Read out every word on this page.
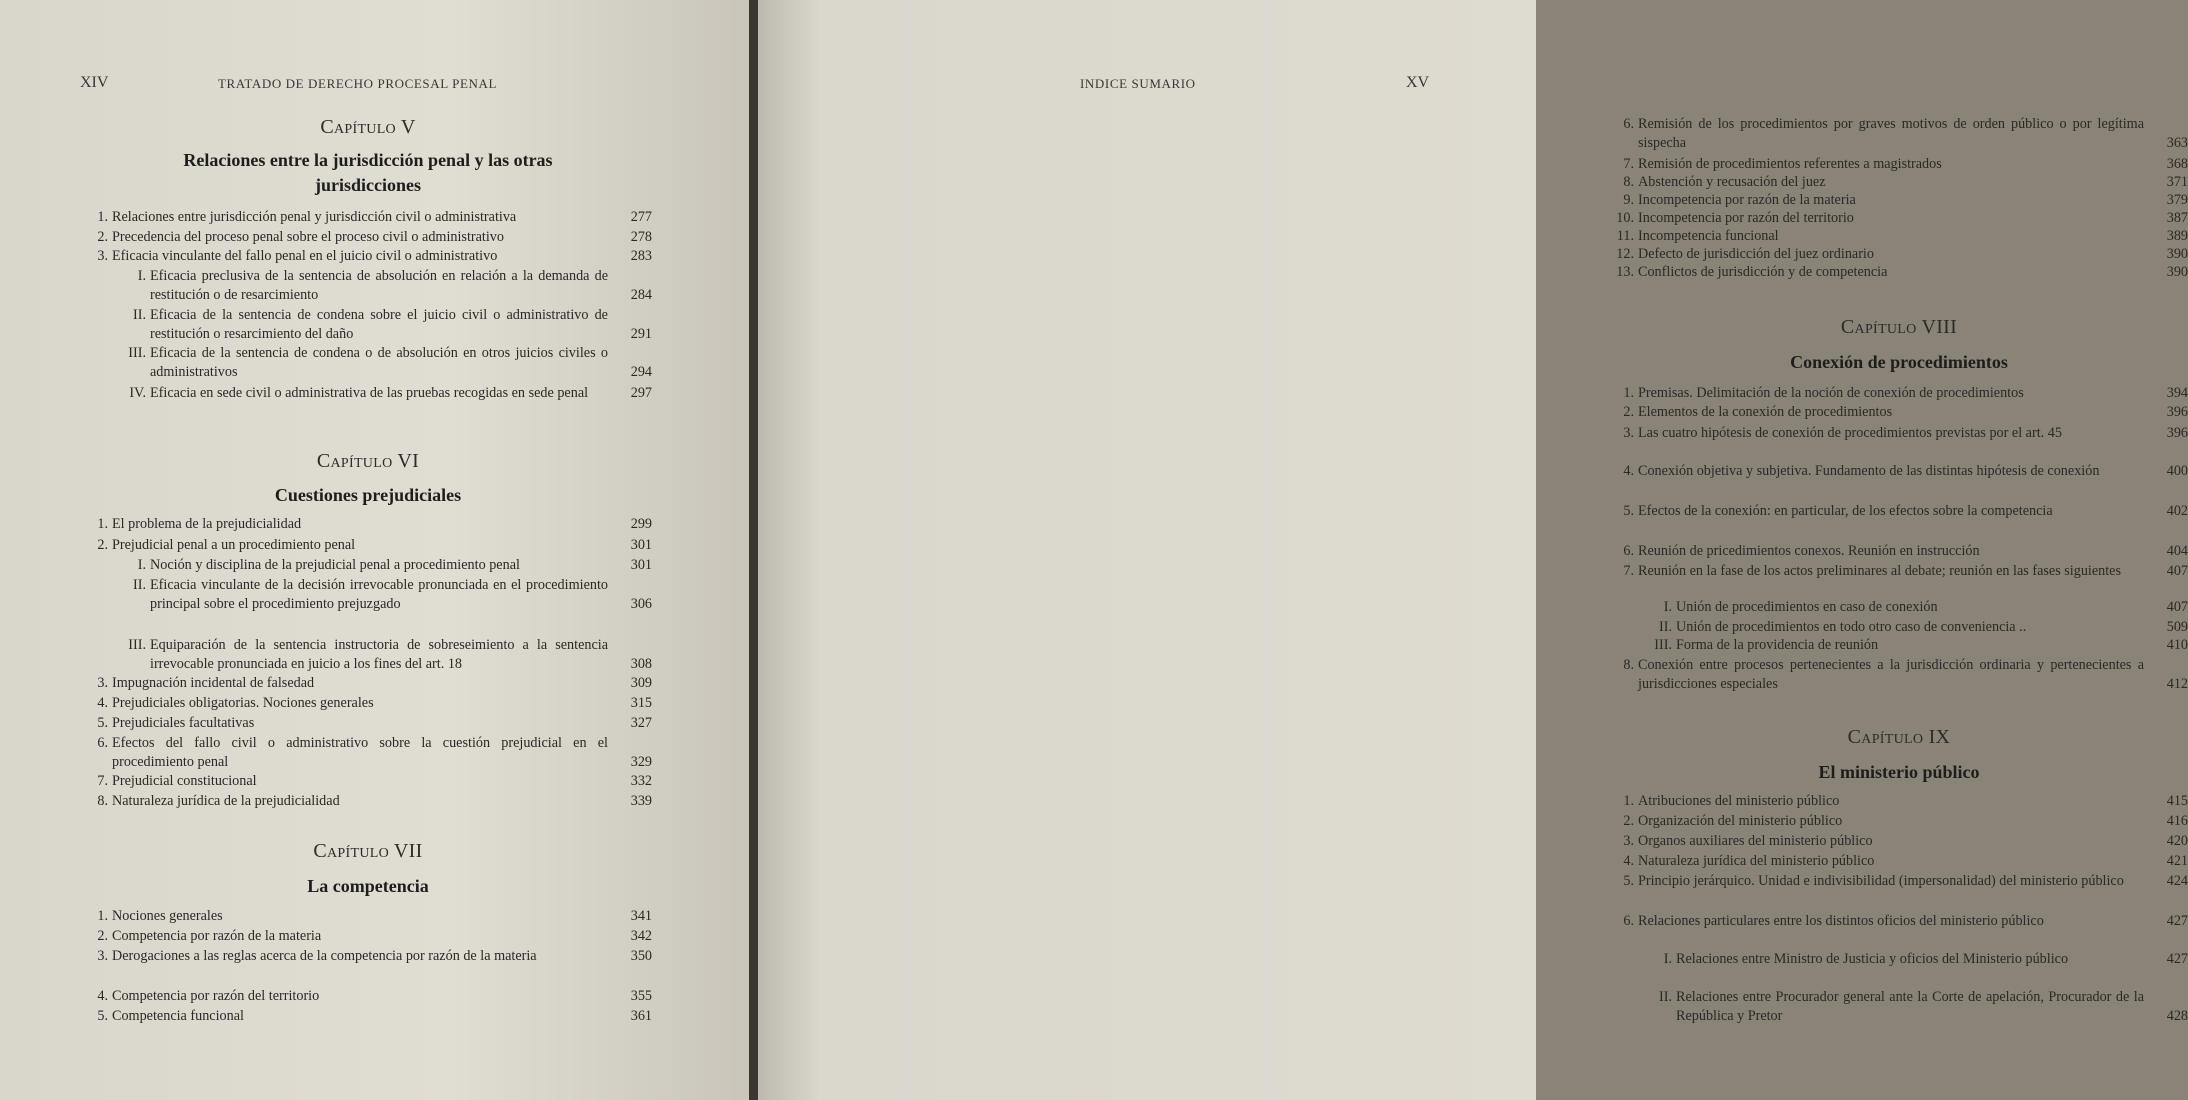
XIV	TRATADO DE DERECHO PROCESAL PENAL
Capítulo V
Relaciones entre la jurisdicción penal y las otras jurisdicciones
1. Relaciones entre jurisdicción penal y jurisdicción civil o administrativa	277
2. Precedencia del proceso penal sobre el proceso civil o administrativo	278
3. Eficacia vinculante del fallo penal en el juicio civil o administrativo	283
I. Eficacia preclusiva de la sentencia de absolución en relación a la demanda de restitución o de resarcimiento	284
II. Eficacia de la sentencia de condena sobre el juicio civil o administrativo de restitución o resarcimiento del daño	291
III. Eficacia de la sentencia de condena o de absolución en otros juicios civiles o administrativos	294
IV. Eficacia en sede civil o administrativa de las pruebas recogidas en sede penal	297
Capítulo VI
Cuestiones prejudiciales
1. El problema de la prejudicialidad	299
2. Prejudicial penal a un procedimiento penal	301
I. Noción y disciplina de la prejudicial penal a procedimiento penal	301
II. Eficacia vinculante de la decisión irrevocable pronunciada en el procedimiento principal sobre el procedimiento prejuzgado	306
III. Equiparación de la sentencia instructoria de sobreseimiento a la sentencia irrevocable pronunciada en juicio a los fines del art. 18	308
3. Impugnación incidental de falsedad	309
4. Prejudiciales obligatorias. Nociones generales	315
5. Prejudiciales facultativas	327
6. Efectos del fallo civil o administrativo sobre la cuestión prejudicial en el procedimiento penal	329
7. Prejudicial constitucional	332
8. Naturaleza jurídica de la prejudicialidad	339
Capítulo VII
La competencia
1. Nociones generales	341
2. Competencia por razón de la materia	342
3. Derogaciones a las reglas acerca de la competencia por razón de la materia	350
4. Competencia por razón del territorio	355
5. Competencia funcional	361
INDICE SUMARIO	XV
6. Remisión de los procedimientos por graves motivos de orden público o por legítima sispecha	363
7. Remisión de procedimientos referentes a magistrados	368
8. Abstención y recusación del juez	371
9. Incompetencia por razón de la materia	379
10. Incompetencia por razón del territorio	387
11. Incompetencia funcional	389
12. Defecto de jurisdicción del juez ordinario	390
13. Conflictos de jurisdicción y de competencia	390
Capítulo VIII
Conexión de procedimientos
1. Premisas. Delimitación de la noción de conexión de procedimientos	394
2. Elementos de la conexión de procedimientos	396
3. Las cuatro hipótesis de conexión de procedimientos previstas por el art. 45	396
4. Conexión objetiva y subjetiva. Fundamento de las distintas hipótesis de conexión	400
5. Efectos de la conexión: en particular, de los efectos sobre la competencia	402
6. Reunión de pricedimientos conexos. Reunión en instrucción	404
7. Reunión en la fase de los actos preliminares al debate; reunión en las fases siguientes	407
I. Unión de procedimientos en caso de conexión	407
II. Unión de procedimientos en todo otro caso de conveniencia ..	509
III. Forma de la providencia de reunión	410
8. Conexión entre procesos pertenecientes a la jurisdicción ordinaria y pertenecientes a jurisdicciones especiales	412
Capítulo IX
El ministerio público
1. Atribuciones del ministerio público	415
2. Organización del ministerio público	416
3. Organos auxiliares del ministerio público	420
4. Naturaleza jurídica del ministerio público	421
5. Principio jerárquico. Unidad e indivisibilidad (impersonalidad) del ministerio público	424
6. Relaciones particulares entre los distintos oficios del ministerio público	427
I. Relaciones entre Ministro de Justicia y oficios del Ministerio público	427
II. Relaciones entre Procurador general ante la Corte de apelación, Procurador de la República y Pretor	428
